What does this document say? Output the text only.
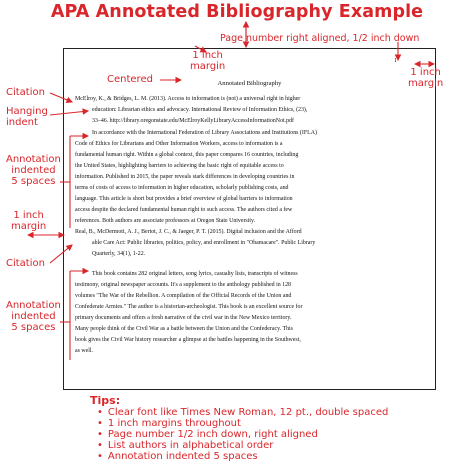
APA Annotated Bibliography Example
1
Annotated Bibliography
McElroy, K., & Bridges, L. M. (2013). Access to information is (not) a universal right in higher
education: Librarian ethics and advocacy. International Review of Information Ethics, (23),
33–46. http://library.oregonstate.edu/McElroyKellyLibraryAccessInformationNot.pdf
In accordance with the International Federation of Library Associations and Institutions (IFLA)
Code of Ethics for Librarians and Other Information Workers, access to information is a
fundamental human right. Within a global context, this paper compares 16 countries, including
the United States, highlighting barriers to achieving the basic right of equitable access to
information. Published in 2015, the paper reveals stark differences in developing countries in
terms of costs of access to information in higher education, scholarly publishing costs, and
language. This article is short but provides a brief overview of global barriers to information
access despite the declared fundamental human right to such access. The authors cited a few
references. Both authors are associate professors at Oregon State University.
Real, B., McDermott, A. J., Bertot, J. C., & Jaeger, P. T. (2015). Digital inclusion and the Afford
able Care Act: Public libraries, politics, policy, and enrollment in "Obamacare". Public Library
Quarterly, 34(1), 1-22.
This book contains 282 original letters, song lyrics, casualty lists, transcripts of witness
testimony, original newspaper accounts. It's a supplement to the anthology published in 128
volumes "The War of the Rebellion. A compilation of the Official Records of the Union and
Confederate Armies." The author is a historian-archeologist. This book is an excellent source for
primary documents and offers a fresh narrative of the civil war in the New Mexico territory.
Many people think of the Civil War as a battle between the Union and the Confederacy. This
book gives the Civil War history researcher a glimpse at the battles happening in the Southwest,
as well.
Page number right aligned, 1/2 inch down
1 inch
margin
1 inch
margin
Centered
Citation
Hanging
indent
Annotation
indented
5 spaces
1 inch
margin
Citation
Annotation
indented
5 spaces
Tips:
• Clear font like Times New Roman, 12 pt., double spaced
• 1 inch margins throughout
• Page number 1/2 inch down, right aligned
• List authors in alphabetical order
• Annotation indented 5 spaces
